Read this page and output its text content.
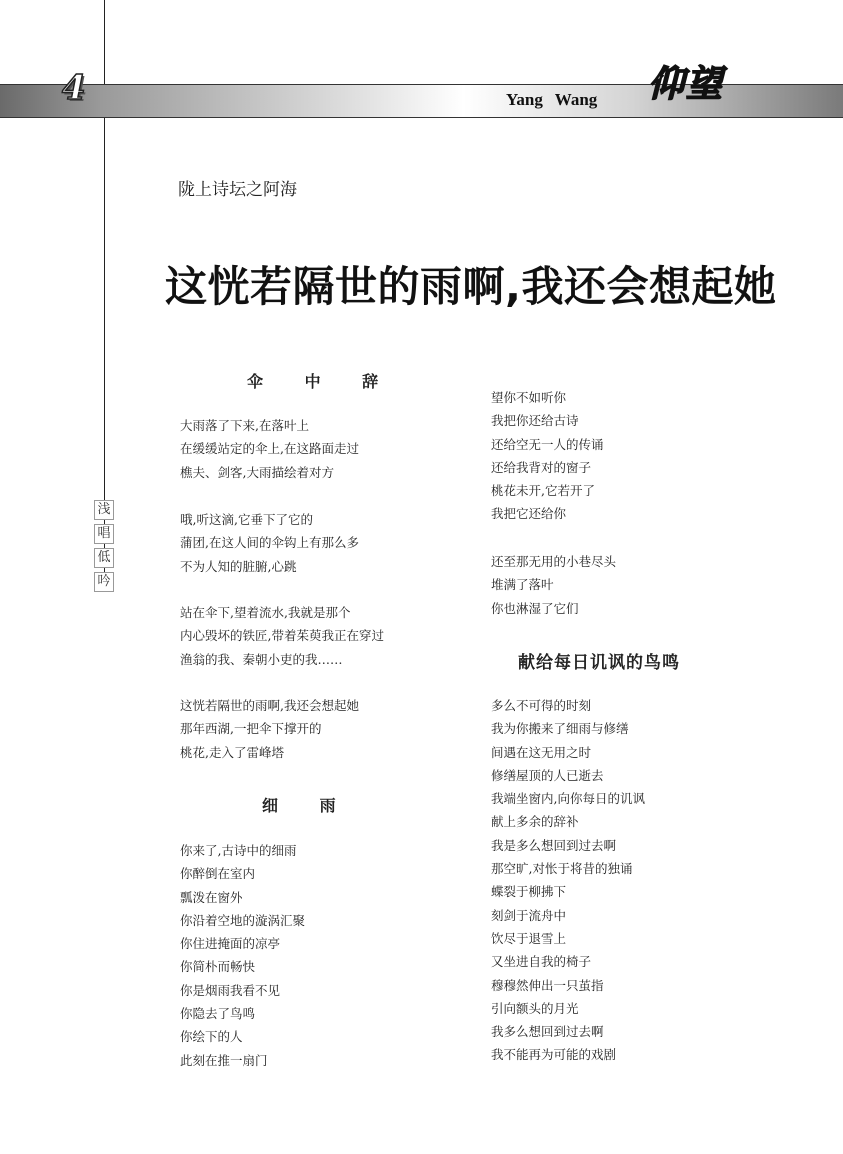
4	仰望
Yang Wang
陇上诗坛之阿海
这恍若隔世的雨啊,我还会想起她
浅
唱
低
吟
伞 中 辞
大雨落了下来,在落叶上
在缓缓站定的伞上,在这路面走过
樵夫、剑客,大雨描绘着对方
哦,听这滴,它垂下了它的
蒲团,在这人间的伞钩上有那么多
不为人知的脏腑,心跳
站在伞下,望着流水,我就是那个
内心毁坏的铁匠,带着茱萸我正在穿过
渔翁的我、秦朝小吏的我……
这恍若隔世的雨啊,我还会想起她
那年西湖,一把伞下撑开的
桃花,走入了雷峰塔
细 雨
你来了,古诗中的细雨
你醉倒在室内
瓢泼在窗外
你沿着空地的漩涡汇聚
你住进掩面的凉亭
你简朴而畅快
你是烟雨我看不见
你隐去了鸟鸣
你绘下的人
此刻在推一扇门
望你不如听你
我把你还给古诗
还给空无一人的传诵
还给我背对的窗子
桃花未开,它若开了
我把它还给你
还至那无用的小巷尽头
堆满了落叶
你也淋湿了它们
献给每日讥讽的鸟鸣
多么不可得的时刻
我为你搬来了细雨与修缮
间遇在这无用之时
修缮屋顶的人已逝去
我端坐窗内,向你每日的讥讽
献上多余的辞补
我是多么想回到过去啊
那空旷,对怅于将昔的独诵
蝶裂于柳拂下
刻剑于流舟中
饮尽于退雪上
又坐进自我的椅子
穆穆然伸出一只茧指
引向额头的月光
我多么想回到过去啊
我不能再为可能的戏剧
